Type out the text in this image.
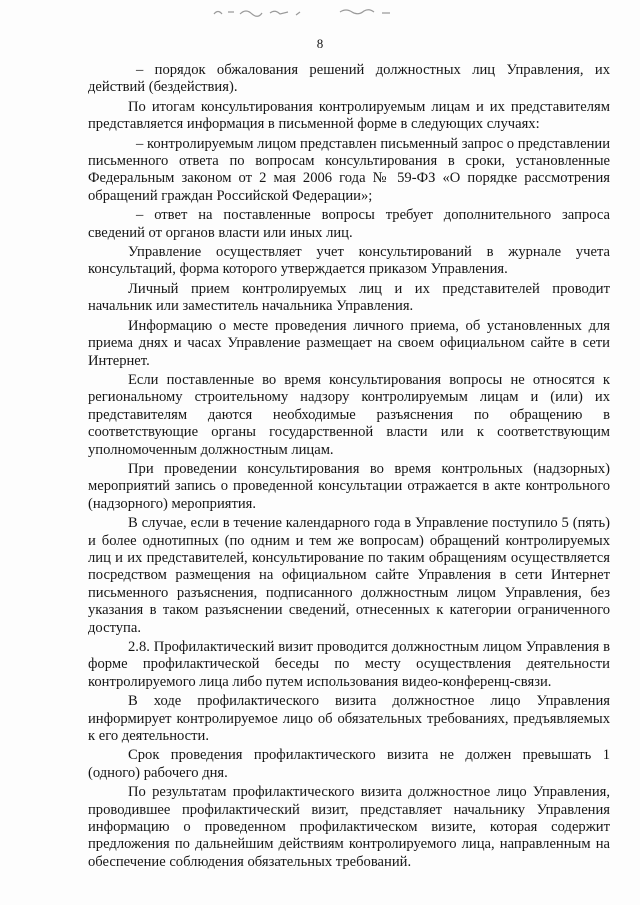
8

– порядок обжалования решений должностных лиц Управления, их действий (бездействия).

По итогам консультирования контролируемым лицам и их представителям представляется информация в письменной форме в следующих случаях:

– контролируемым лицом представлен письменный запрос о представлении письменного ответа по вопросам консультирования в сроки, установленные Федеральным законом от 2 мая 2006 года № 59-ФЗ «О порядке рассмотрения обращений граждан Российской Федерации»;

– ответ на поставленные вопросы требует дополнительного запроса сведений от органов власти или иных лиц.

Управление осуществляет учет консультирований в журнале учета консультаций, форма которого утверждается приказом Управления.

Личный прием контролируемых лиц и их представителей проводит начальник или заместитель начальника Управления.

Информацию о месте проведения личного приема, об установленных для приема днях и часах Управление размещает на своем официальном сайте в сети Интернет.

Если поставленные во время консультирования вопросы не относятся к региональному строительному надзору контролируемым лицам и (или) их представителям даются необходимые разъяснения по обращению в соответствующие органы государственной власти или к соответствующим уполномоченным должностным лицам.

При проведении консультирования во время контрольных (надзорных) мероприятий запись о проведенной консультации отражается в акте контрольного (надзорного) мероприятия.

В случае, если в течение календарного года в Управление поступило 5 (пять) и более однотипных (по одним и тем же вопросам) обращений контролируемых лиц и их представителей, консультирование по таким обращениям осуществляется посредством размещения на официальном сайте Управления в сети Интернет письменного разъяснения, подписанного должностным лицом Управления, без указания в таком разъяснении сведений, отнесенных к категории ограниченного доступа.

2.8. Профилактический визит проводится должностным лицом Управления в форме профилактической беседы по месту осуществления деятельности контролируемого лица либо путем использования видео-конференц-связи.

В ходе профилактического визита должностное лицо Управления информирует контролируемое лицо об обязательных требованиях, предъявляемых к его деятельности.

Срок проведения профилактического визита не должен превышать 1 (одного) рабочего дня.

По результатам профилактического визита должностное лицо Управления, проводившее профилактический визит, представляет начальнику Управления информацию о проведенном профилактическом визите, которая содержит предложения по дальнейшим действиям контролируемого лица, направленным на обеспечение соблюдения обязательных требований.
